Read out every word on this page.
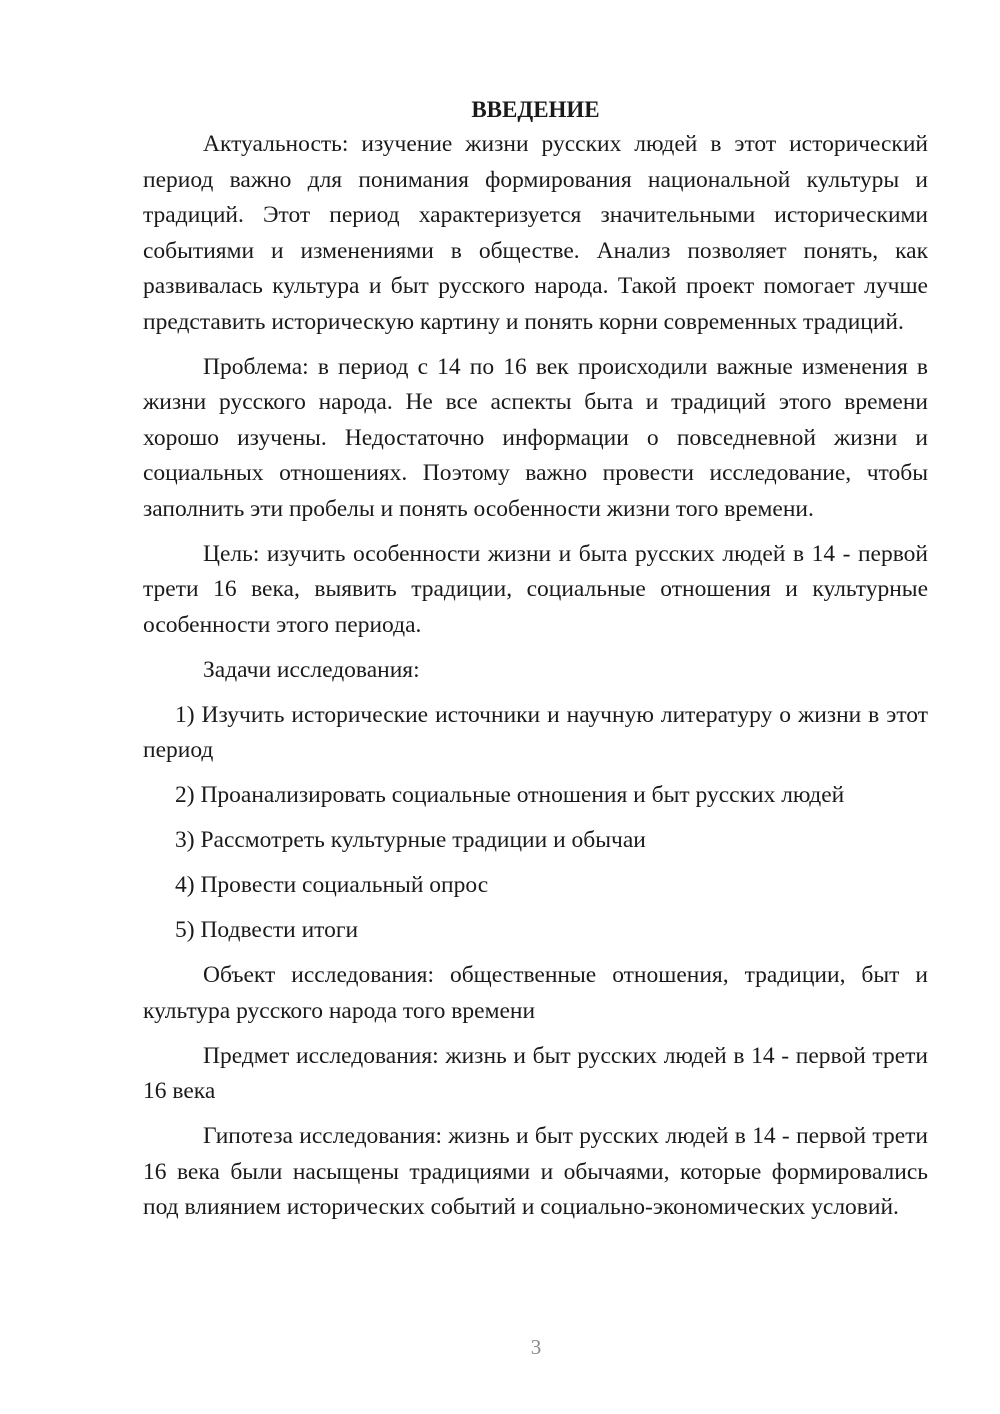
ВВЕДЕНИЕ

Актуальность: изучение жизни русских людей в этот исторический период важно для понимания формирования национальной культуры и традиций. Этот период характеризуется значительными историческими событиями и изменениями в обществе. Анализ позволяет понять, как развивалась культура и быт русского народа. Такой проект помогает лучше представить историческую картину и понять корни современных традиций.

Проблема: в период с 14 по 16 век происходили важные изменения в жизни русского народа. Не все аспекты быта и традиций этого времени хорошо изучены. Недостаточно информации о повседневной жизни и социальных отношениях. Поэтому важно провести исследование, чтобы заполнить эти пробелы и понять особенности жизни того времени.

Цель: изучить особенности жизни и быта русских людей в 14 - первой трети 16 века, выявить традиции, социальные отношения и культурные особенности этого периода.

Задачи исследования:

1) Изучить исторические источники и научную литературу о жизни в этот период

2) Проанализировать социальные отношения и быт русских людей

3) Рассмотреть культурные традиции и обычаи

4) Провести социальный опрос

5) Подвести итоги

Объект исследования: общественные отношения, традиции, быт и культура русского народа того времени

Предмет исследования: жизнь и быт русских людей в 14 - первой трети 16 века

Гипотеза исследования: жизнь и быт русских людей в 14 - первой трети 16 века были насыщены традициями и обычаями, которые формировались под влиянием исторических событий и социально-экономических условий.

3
